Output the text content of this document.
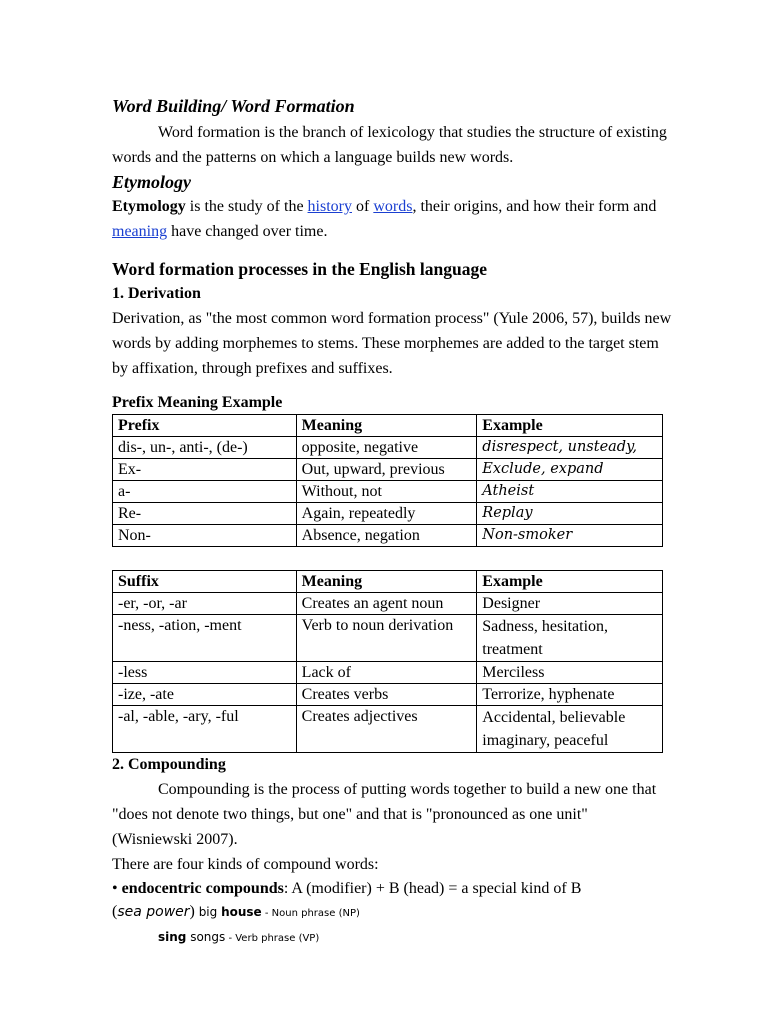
Word Building/ Word Formation

Word formation is the branch of lexicology that studies the structure of existing words and the patterns on which a language builds new words.

Etymology

Etymology is the study of the history of words, their origins, and how their form and meaning have changed over time.

Word formation processes in the English language

1. Derivation

Derivation, as "the most common word formation process" (Yule 2006, 57), builds new words by adding morphemes to stems. These morphemes are added to the target stem by affixation, through prefixes and suffixes.

Prefix Meaning Example

Prefix	Meaning	Example
dis-, un-, anti-, (de-)	opposite, negative	disrespect, unsteady,
Ex-	Out, upward, previous	Exclude, expand
a-	Without, not	Atheist
Re-	Again, repeatedly	Replay
Non-	Absence, negation	Non-smoker
Suffix	Meaning	Example
-er, -or, -ar	Creates an agent noun	Designer
-ness, -ation, -ment	Verb to noun derivation	Sadness, hesitation, treatment
-less	Lack of	Merciless
-ize, -ate	Creates verbs	Terrorize, hyphenate
-al, -able, -ary, -ful	Creates adjectives	Accidental, believable imaginary, peaceful

2. Compounding

Compounding is the process of putting words together to build a new one that "does not denote two things, but one" and that is "pronounced as one unit" (Wisniewski 2007).

There are four kinds of compound words:

• endocentric compounds: A (modifier) + B (head) = a special kind of B

(sea power) big house - Noun phrase (NP)

sing songs - Verb phrase (VP)
